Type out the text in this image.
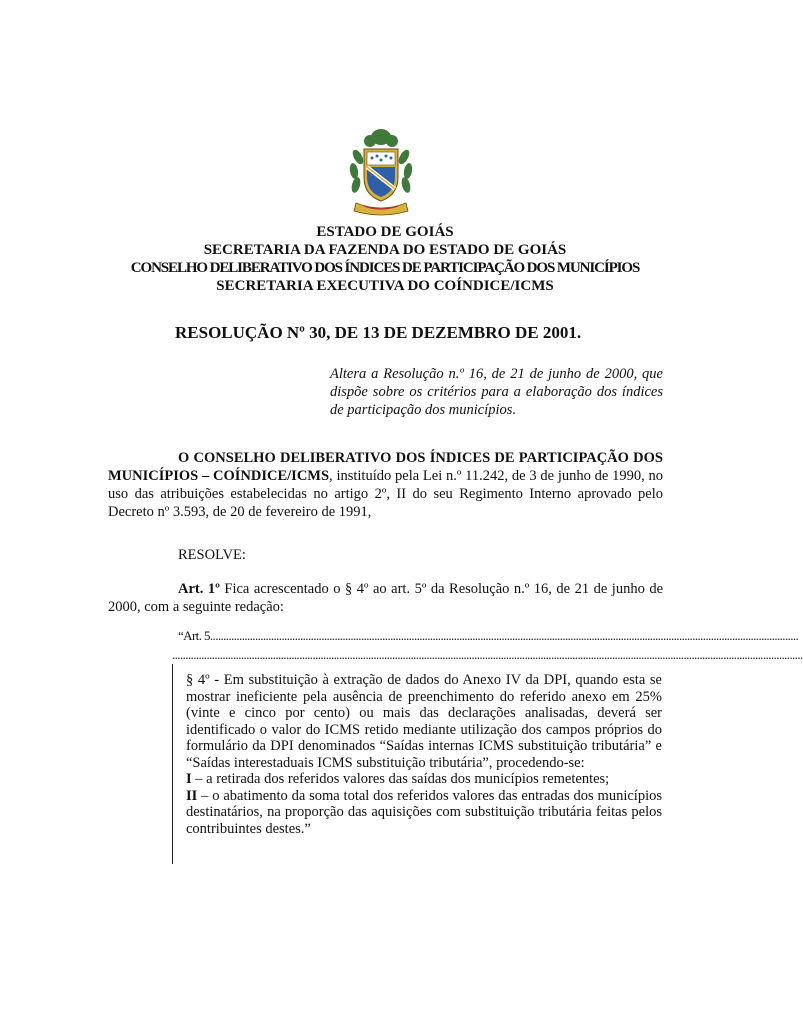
ESTADO DE GOIÁS
SECRETARIA DA FAZENDA DO ESTADO DE GOIÁS
CONSELHO DELIBERATIVO DOS ÍNDICES DE PARTICIPAÇÃO DOS MUNICÍPIOS
SECRETARIA EXECUTIVA DO COÍNDICE/ICMS
RESOLUÇÃO Nº 30, DE 13 DE DEZEMBRO DE 2001.
Altera a Resolução n.º 16, de 21 de junho de 2000, que dispõe sobre os critérios para a elaboração dos índices de participação dos municípios.
O CONSELHO DELIBERATIVO DOS ÍNDICES DE PARTICIPAÇÃO DOS MUNICÍPIOS – COÍNDICE/ICMS, instituído pela Lei n.º 11.242, de 3 de junho de 1990, no uso das atribuições estabelecidas no artigo 2º, II do seu Regimento Interno aprovado pelo Decreto nº 3.593, de 20 de fevereiro de 1991,
RESOLVE:
Art. 1º Fica acrescentado o § 4º ao art. 5º da Resolução n.º 16, de 21 de junho de 2000, com a seguinte redação:
“Art. 5..............................................................................................................................................................................................................................
..............................................................................................................................................................................................................................................

§ 4º - Em substituição à extração de dados do Anexo IV da DPI, quando esta se mostrar ineficiente pela ausência de preenchimento do referido anexo em 25% (vinte e cinco por cento) ou mais das declarações analisadas, deverá ser identificado o valor do ICMS retido mediante utilização dos campos próprios do formulário da DPI denominados “Saídas internas ICMS substituição tributária” e “Saídas interestaduais ICMS substituição tributária”, procedendo-se:

I – a retirada dos referidos valores das saídas dos municípios remetentes;

II – o abatimento da soma total dos referidos valores das entradas dos municípios destinatários, na proporção das aquisições com substituição tributária feitas pelos contribuintes destes.”
